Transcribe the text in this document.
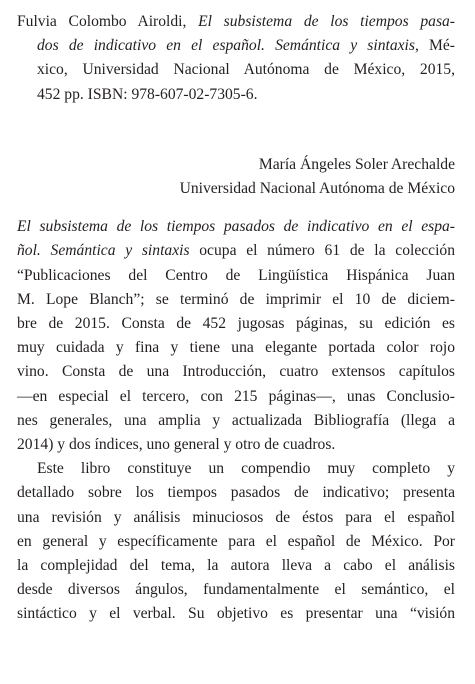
Fulvia Colombo Airoldi, El subsistema de los tiempos pasa-
dos de indicativo en el español. Semántica y sintaxis, Mé-
xico, Universidad Nacional Autónoma de México, 2015,
452 pp. ISBN: 978-607-02-7305-6.
María Ángeles Soler Arechalde
Universidad Nacional Autónoma de México
El subsistema de los tiempos pasados de indicativo en el espa-
ñol. Semántica y sintaxis ocupa el número 61 de la colección
“Publicaciones del Centro de Lingüística Hispánica Juan
M. Lope Blanch”; se terminó de imprimir el 10 de diciem-
bre de 2015. Consta de 452 jugosas páginas, su edición es
muy cuidada y fina y tiene una elegante portada color rojo
vino. Consta de una Introducción, cuatro extensos capítulos
—en especial el tercero, con 215 páginas—, unas Conclusio-
nes generales, una amplia y actualizada Bibliografía (llega a
2014) y dos índices, uno general y otro de cuadros.
Este libro constituye un compendio muy completo y
detallado sobre los tiempos pasados de indicativo; presenta
una revisión y análisis minuciosos de éstos para el español
en general y específicamente para el español de México. Por
la complejidad del tema, la autora lleva a cabo el análisis
desde diversos ángulos, fundamentalmente el semántico, el
sintáctico y el verbal. Su objetivo es presentar una “visión
